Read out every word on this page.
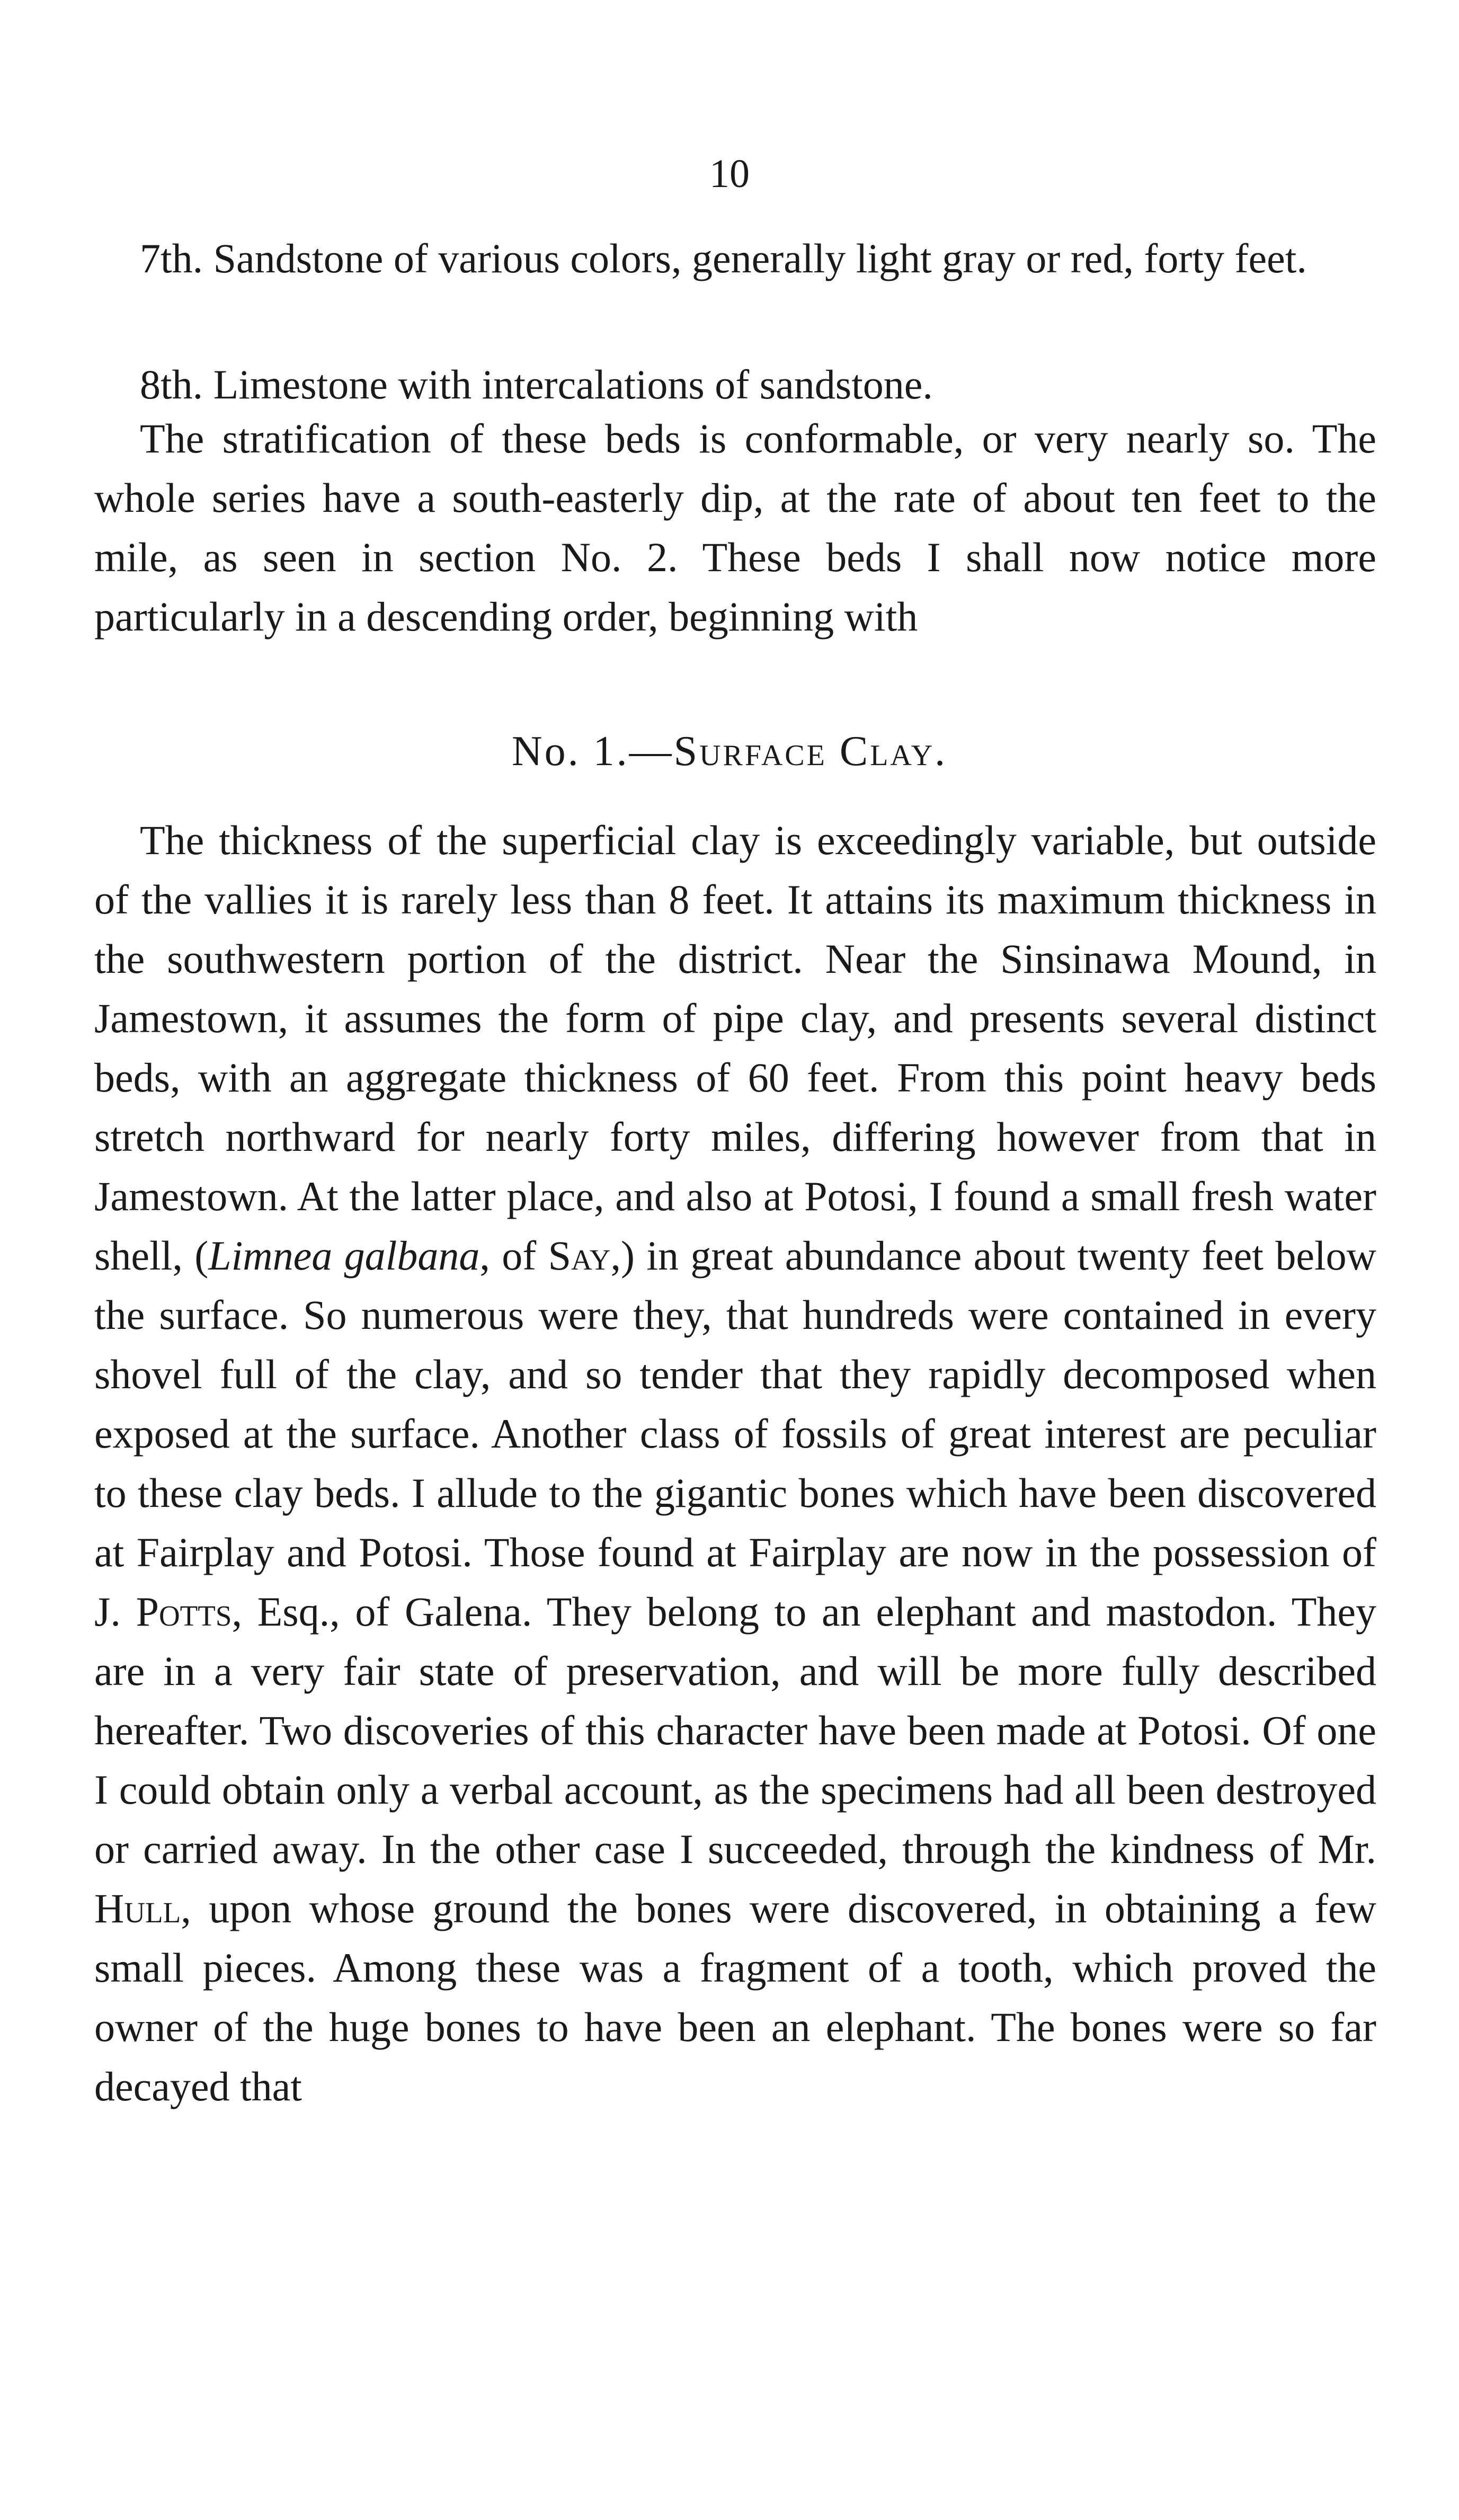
10

7th. Sandstone of various colors, generally light gray or red, forty feet.

8th. Limestone with intercalations of sandstone.

The stratification of these beds is conformable, or very nearly so. The whole series have a south-easterly dip, at the rate of about ten feet to the mile, as seen in section No. 2. These beds I shall now notice more particularly in a descending order, beginning with

No. 1.—Surface Clay.

The thickness of the superficial clay is exceedingly variable, but outside of the vallies it is rarely less than 8 feet. It attains its maximum thickness in the southwestern portion of the district. Near the Sinsinawa Mound, in Jamestown, it assumes the form of pipe clay, and presents several distinct beds, with an aggregate thickness of 60 feet. From this point heavy beds stretch northward for nearly forty miles, differing however from that in Jamestown. At the latter place, and also at Potosi, I found a small fresh water shell, (Limnea galbana, of Say,) in great abundance about twenty feet below the surface. So numerous were they, that hundreds were contained in every shovel full of the clay, and so tender that they rapidly decomposed when exposed at the surface. Another class of fossils of great interest are peculiar to these clay beds. I allude to the gigantic bones which have been discovered at Fairplay and Potosi. Those found at Fairplay are now in the possession of J. Potts, Esq., of Galena. They belong to an elephant and mastodon. They are in a very fair state of preservation, and will be more fully described hereafter. Two discoveries of this character have been made at Potosi. Of one I could obtain only a verbal account, as the specimens had all been destroyed or carried away. In the other case I succeeded, through the kindness of Mr. Hull, upon whose ground the bones were discovered, in obtaining a few small pieces. Among these was a fragment of a tooth, which proved the owner of the huge bones to have been an elephant. The bones were so far decayed that
